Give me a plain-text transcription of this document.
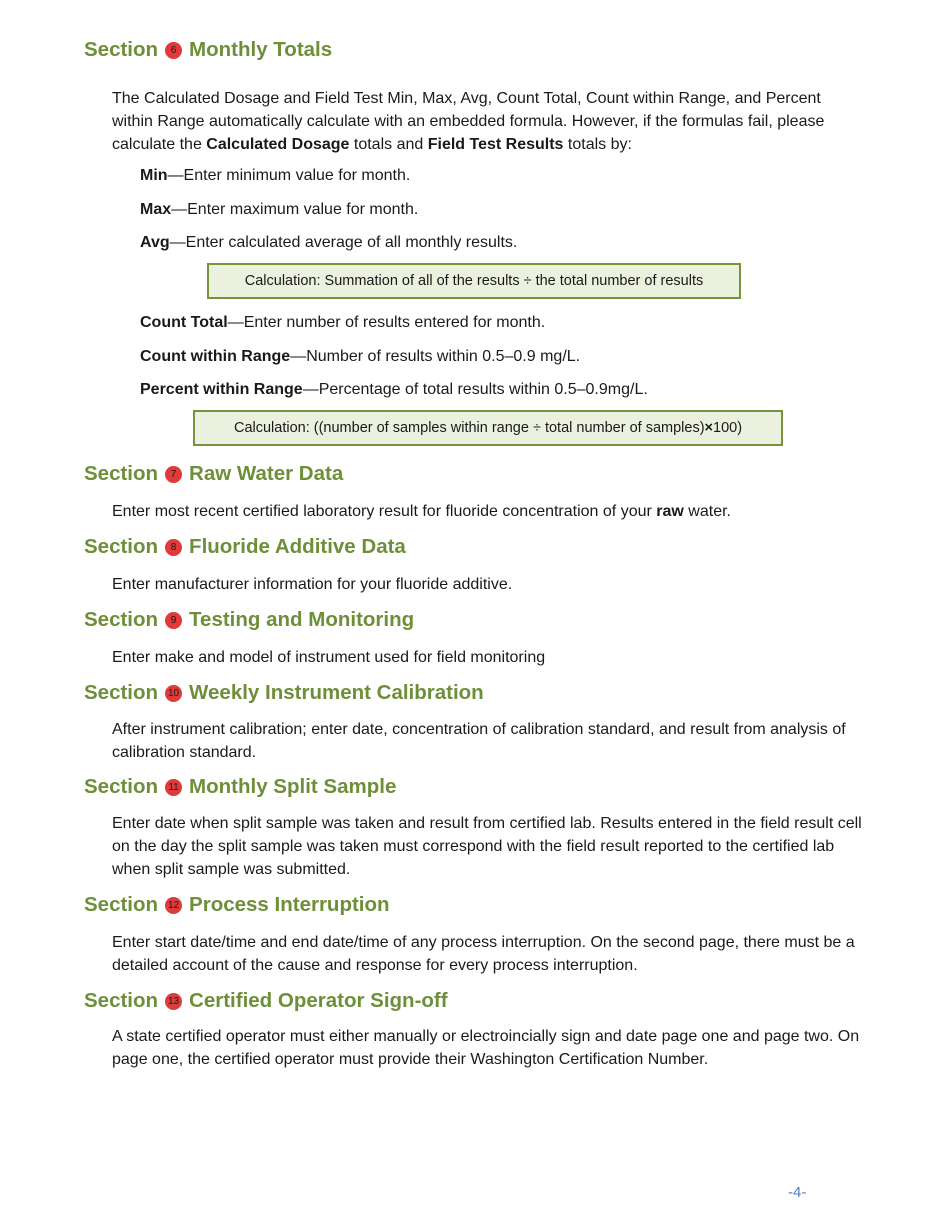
Section	6 Monthly Totals

The Calculated Dosage and Field Test Min, Max, Avg, Count Total, Count within Range, and Percent within Range automatically calculate with an embedded formula. However, if the formulas fail, please calculate the Calculated Dosage totals and Field Test Results totals by:

Min—Enter minimum value for month.

Max—Enter maximum value for month.

Avg—Enter calculated average of all monthly results.

Calculation: Summation of all of the results ÷ the total number of results

Count Total—Enter number of results entered for month.

Count within Range—Number of results within 0.5–0.9 mg/L.

Percent within Range—Percentage of total results within 0.5–0.9mg/L.

Calculation: ((number of samples within range ÷ total number of samples) × 100)
Section	7 Raw Water Data

Enter most recent certified laboratory result for fluoride concentration of your raw water.

Section	8 Fluoride Additive Data

Enter manufacturer information for your fluoride additive.

Section	9 Testing and Monitoring

Enter make and model of instrument used for field monitoring

Section 10 Weekly Instrument Calibration

After instrument calibration; enter date, concentration of calibration standard, and result from analysis of calibration standard.

Section	11 Monthly Split Sample

Enter date when split sample was taken and result from certified lab. Results entered in the field result cell on the day the split sample was taken must correspond with the field result reported to the certified lab when split sample was submitted.

Section 12 Process Interruption

Enter start date/time and end date/time of any process interruption. On the second page, there must be a detailed account of the cause and response for every process interruption.

Section 13 Certified Operator Sign-off

A state certified operator must either manually or electroincially sign and date page one and page two. On page one, the certified operator must provide their Washington Certification Number.

-4-
